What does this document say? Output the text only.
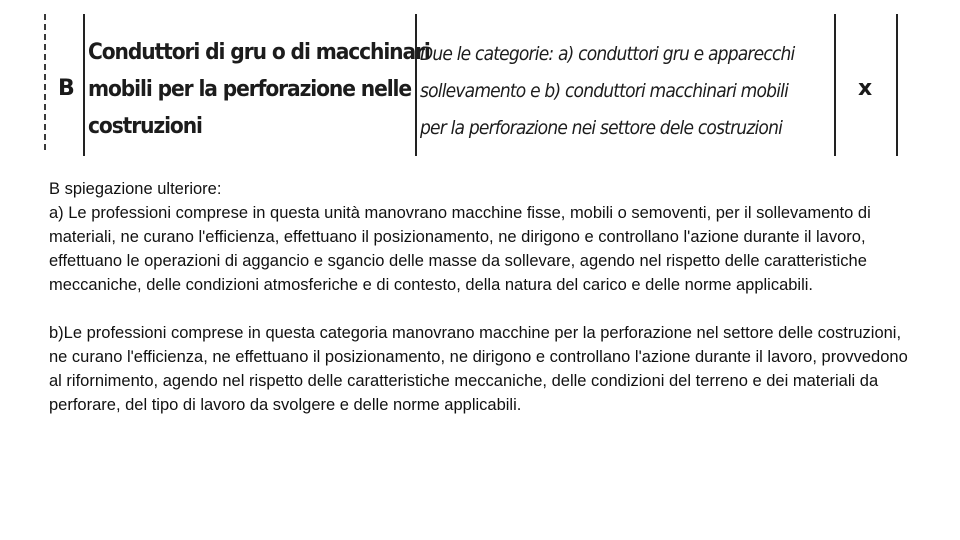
B
Conduttori di gru o di macchinari
mobili per la perforazione nelle
costruzioni
Due le categorie: a) conduttori gru e apparecchi
sollevamento e b) conduttori macchinari mobili
per la perforazione nei settore dele costruzioni
x

B spiegazione ulteriore:

a) Le professioni comprese in questa unità manovrano macchine fisse, mobili o semoventi, per il sollevamento di materiali, ne curano l'efficienza, effettuano il posizionamento, ne dirigono e controllano l'azione durante il lavoro, effettuano le operazioni di aggancio e sgancio delle masse da sollevare, agendo nel rispetto delle caratteristiche meccaniche, delle condizioni atmosferiche e di contesto, della natura del carico e delle norme applicabili.

b)Le professioni comprese in questa categoria manovrano macchine per la perforazione nel settore delle costruzioni, ne curano l'efficienza, ne effettuano il posizionamento, ne dirigono e controllano l'azione durante il lavoro, provvedono al rifornimento, agendo nel rispetto delle caratteristiche meccaniche, delle condizioni del terreno e dei materiali da perforare, del tipo di lavoro da svolgere e delle norme applicabili.
